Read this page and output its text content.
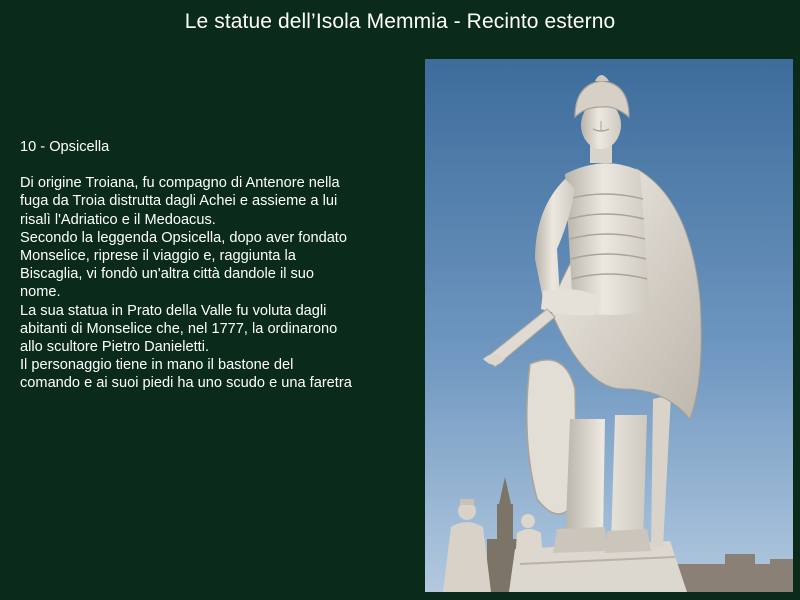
Le statue dell’Isola Memmia - Recinto esterno

10 - Opsicella

Di origine Troiana, fu compagno di Antenore nella

fuga da Troia distrutta dagli Achei e assieme a lui

risalì l'Adriatico e il Medoacus.

Secondo la leggenda Opsicella, dopo aver fondato

Monselice, riprese il viaggio e, raggiunta la

Biscaglia, vi fondò un'altra città dandole il suo

nome.

La sua statua in Prato della Valle fu voluta dagli

abitanti di Monselice che, nel 1777, la ordinarono

allo scultore Pietro Danieletti.

Il personaggio tiene in mano il bastone del

comando e ai suoi piedi ha uno scudo e una faretra
